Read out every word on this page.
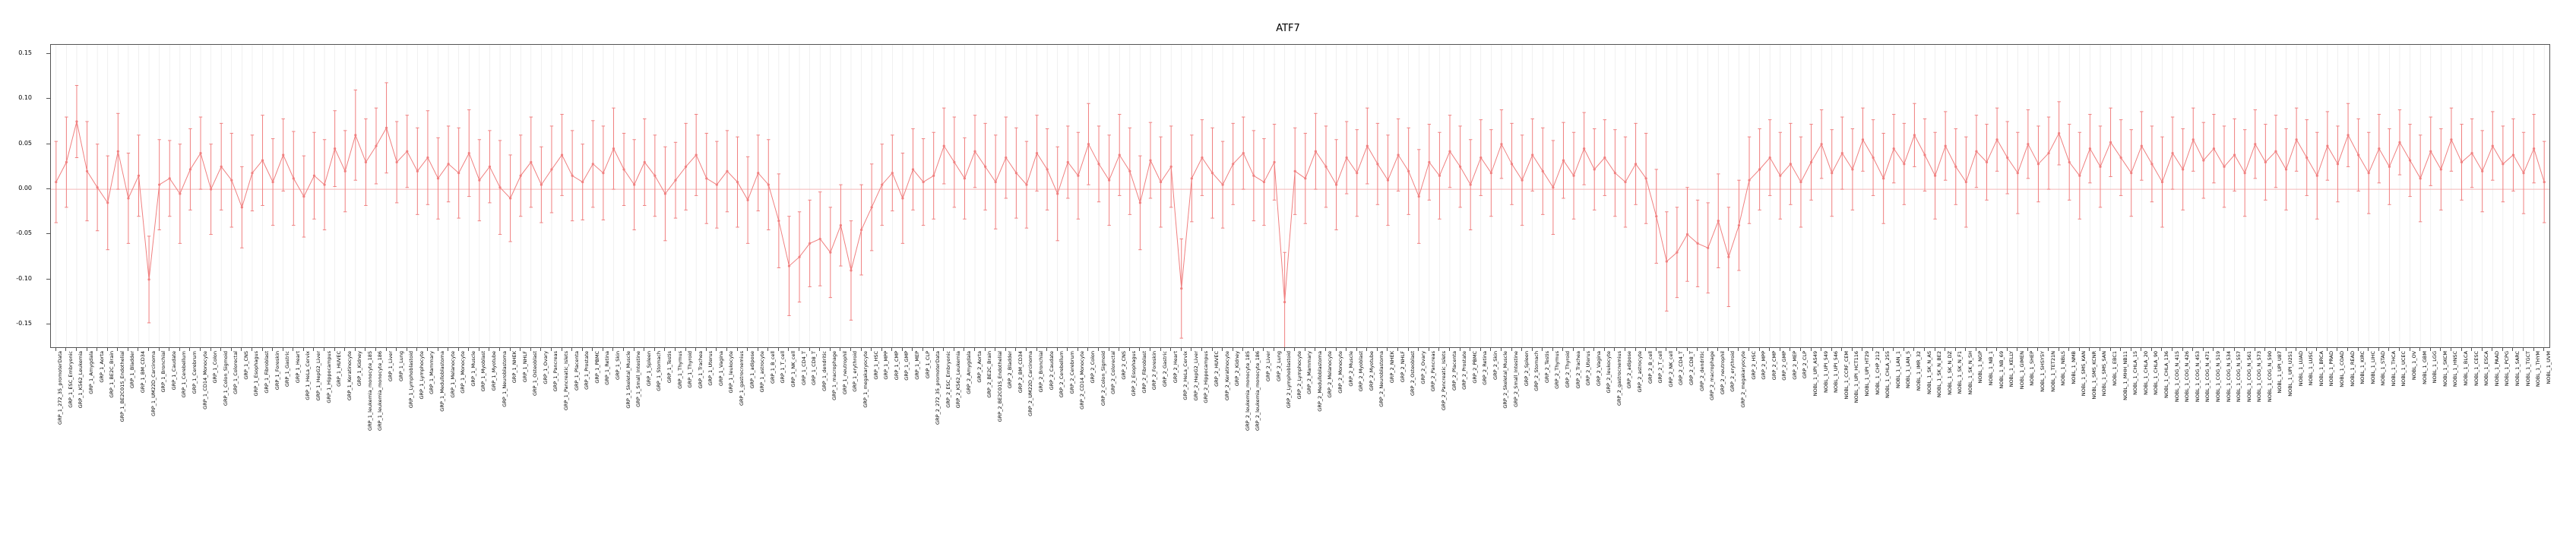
ATF7
-0.15
-0.10
-0.05
0.00
0.05
0.10
0.15
GRP_1_272_35_promoterData GRP_1_ESC_Embryonic GRP_1_K562_Leukemia GRP_1_Amygdala GRP_1_Aorta GRP_1_BE2C_Brain GRP_1_BE2C01S_Endothelial GRP_1_Bladder GRP_1_BM_CD34 GRP_1_UM22D_Carcinoma GRP_1_Bronchial GRP_1_Caudate GRP_1_Cerebellum GRP_1_Cerebrum GRP_1_CD14_Monocyte GRP_1_Colon GRP_1_Colon_Sigmoid GRP_1_Colorectal GRP_1_CNS GRP_1_Esophagus GRP_1_Fibroblast GRP_1_Foreskin GRP_1_Gastric GRP_1_Heart GRP_1_HeLa_Cervix GRP_1_HepG2_Liver GRP_1_Hippocampus GRP_1_HUVEC GRP_1_Keratinocyte GRP_1_Kidney GRP_1_leukemia_monocyte_185 GRP_1_leukemia_monocyte_186 GRP_1_Liver GRP_1_Lung GRP_1_Lymphoblastoid GRP_1_Lymphocyte GRP_1_Mammary GRP_1_Medulloblastoma GRP_1_Melanocyte GRP_1_Monocyte GRP_1_Muscle GRP_1_Myoblast GRP_1_Myotube GRP_1_Neuroblastoma GRP_1_NHEK GRP_1_NHLF GRP_1_Osteoblast GRP_1_Ovary GRP_1_Pancreas GRP_1_Pancreatic_Islets GRP_1_Placenta GRP_1_Prostate GRP_1_PBMC GRP_1_Retina GRP_1_Skin GRP_1_Skeletal_Muscle GRP_1_Small_Intestine GRP_1_Spleen GRP_1_Stomach GRP_1_Testis GRP_1_Thymus GRP_1_Thyroid GRP_1_Trachea GRP_1_Uterus GRP_1_Vagina GRP_1_leukocyte GRP_1_gastrocnemius GRP_1_adipose GRP_1_astrocyte GRP_1_B_cell GRP_1_T_cell GRP_1_NK_cell GRP_1_CD4_T GRP_1_CD8_T GRP_1_dendritic GRP_1_macrophage GRP_1_neutrophil GRP_1_erythroid GRP_1_megakaryocyte GRP_1_HSC GRP_1_MPP GRP_1_CMP GRP_1_GMP GRP_1_MEP GRP_1_CLP GRP_2_272_35_promoterData GRP_2_ESC_Embryonic GRP_2_K562_Leukemia GRP_2_Amygdala GRP_2_Aorta GRP_2_BE2C_Brain GRP_2_BE2C01S_Endothelial GRP_2_Bladder GRP_2_BM_CD34 GRP_2_UM22D_Carcinoma GRP_2_Bronchial GRP_2_Caudate GRP_2_Cerebellum GRP_2_Cerebrum GRP_2_CD14_Monocyte GRP_2_Colon GRP_2_Colon_Sigmoid GRP_2_Colorectal GRP_2_CNS GRP_2_Esophagus GRP_2_Fibroblast GRP_2_Foreskin GRP_2_Gastric GRP_2_Heart GRP_2_HeLa_Cervix GRP_2_HepG2_Liver GRP_2_Hippocampus GRP_2_HUVEC GRP_2_Keratinocyte GRP_2_Kidney GRP_2_leukemia_monocyte_185 GRP_2_leukemia_monocyte_186 GRP_2_Liver GRP_2_Lung GRP_2_Lymphoblastoid GRP_2_Lymphocyte GRP_2_Mammary GRP_2_Medulloblastoma GRP_2_Melanocyte GRP_2_Monocyte GRP_2_Muscle GRP_2_Myoblast GRP_2_Myotube GRP_2_Neuroblastoma GRP_2_NHEK GRP_2_NHLF GRP_2_Osteoblast GRP_2_Ovary GRP_2_Pancreas GRP_2_Pancreatic_Islets GRP_2_Placenta GRP_2_Prostate GRP_2_PBMC GRP_2_Retina GRP_2_Skin GRP_2_Skeletal_Muscle GRP_2_Small_Intestine GRP_2_Spleen GRP_2_Stomach GRP_2_Testis GRP_2_Thymus GRP_2_Thyroid GRP_2_Trachea GRP_2_Uterus GRP_2_Vagina GRP_2_leukocyte GRP_2_gastrocnemius GRP_2_adipose GRP_2_astrocyte GRP_2_B_cell GRP_2_T_cell GRP_2_NK_cell GRP_2_CD4_T GRP_2_CD8_T GRP_2_dendritic GRP_2_macrophage GRP_2_neutrophil GRP_2_erythroid GRP_2_megakaryocyte GRP_2_HSC GRP_2_MPP GRP_2_CMP GRP_2_GMP GRP_2_MEP GRP_2_CLP NOBL_1_UPI_A549 NOBL_1_UPI_549 NOBL_1_UPI_546 NOBL_1_CCRF_CEM NOBL_1_UPI_HCT116 NOBL_1_UPI_HT29 NOBL_1_CHP_212 NOBL_1_CHLA_255 NOBL_1_LAN_1 NOBL_1_LAN_5 NOBL_1_IMR_32 NOBL_1_SK_N_AS NOBL_1_SK_N_BE2 NOBL_1_SK_N_DZ NOBL_1_SK_N_F1 NOBL_1_SK_N_SH NOBL_1_NGP NOBL_1_NB_1 NOBL_1_NB_69 NOBL_1_KELLY NOBL_1_GIMEN NOBL_1_SHEP NOBL_1_SHSY5Y NOBL_1_TET21N NOBL_1_NBLS NOBL_1_NMB NOBL_1_SMS_KAN NOBL_1_SMS_KCNR NOBL_1_SMS_SAN NOBL_1_EBC1 NOBL_1_MHH_NB11 NOBL_1_CHLA_15 NOBL_1_CHLA_20 NOBL_1_CHLA_90 NOBL_1_CHLA_136 NOBL_1_COG_N_415 NOBL_1_COG_N_426 NOBL_1_COG_N_453 NOBL_1_COG_N_471 NOBL_1_COG_N_519 NOBL_1_COG_N_534 NOBL_1_COG_N_557 NOBL_1_COG_N_561 NOBL_1_COG_N_573 NOBL_1_COG_N_590 NOBL_1_UPI_U87 NOBL_1_UPI_U251 NOBL_1_LUAD NOBL_1_LUSC NOBL_1_BRCA NOBL_1_PRAD NOBL_1_COAD NOBL_1_READ NOBL_1_KIRC NOBL_1_LIHC NOBL_1_STAD NOBL_1_THCA NOBL_1_UCEC NOBL_1_OV NOBL_1_GBM NOBL_1_LGG NOBL_1_SKCM NOBL_1_HNSC NOBL_1_BLCA NOBL_1_CESC NOBL_1_ESCA NOBL_1_PAAD NOBL_1_PCPG NOBL_1_SARC NOBL_1_TGCT NOBL_1_THYM NOBL_1_UVM
